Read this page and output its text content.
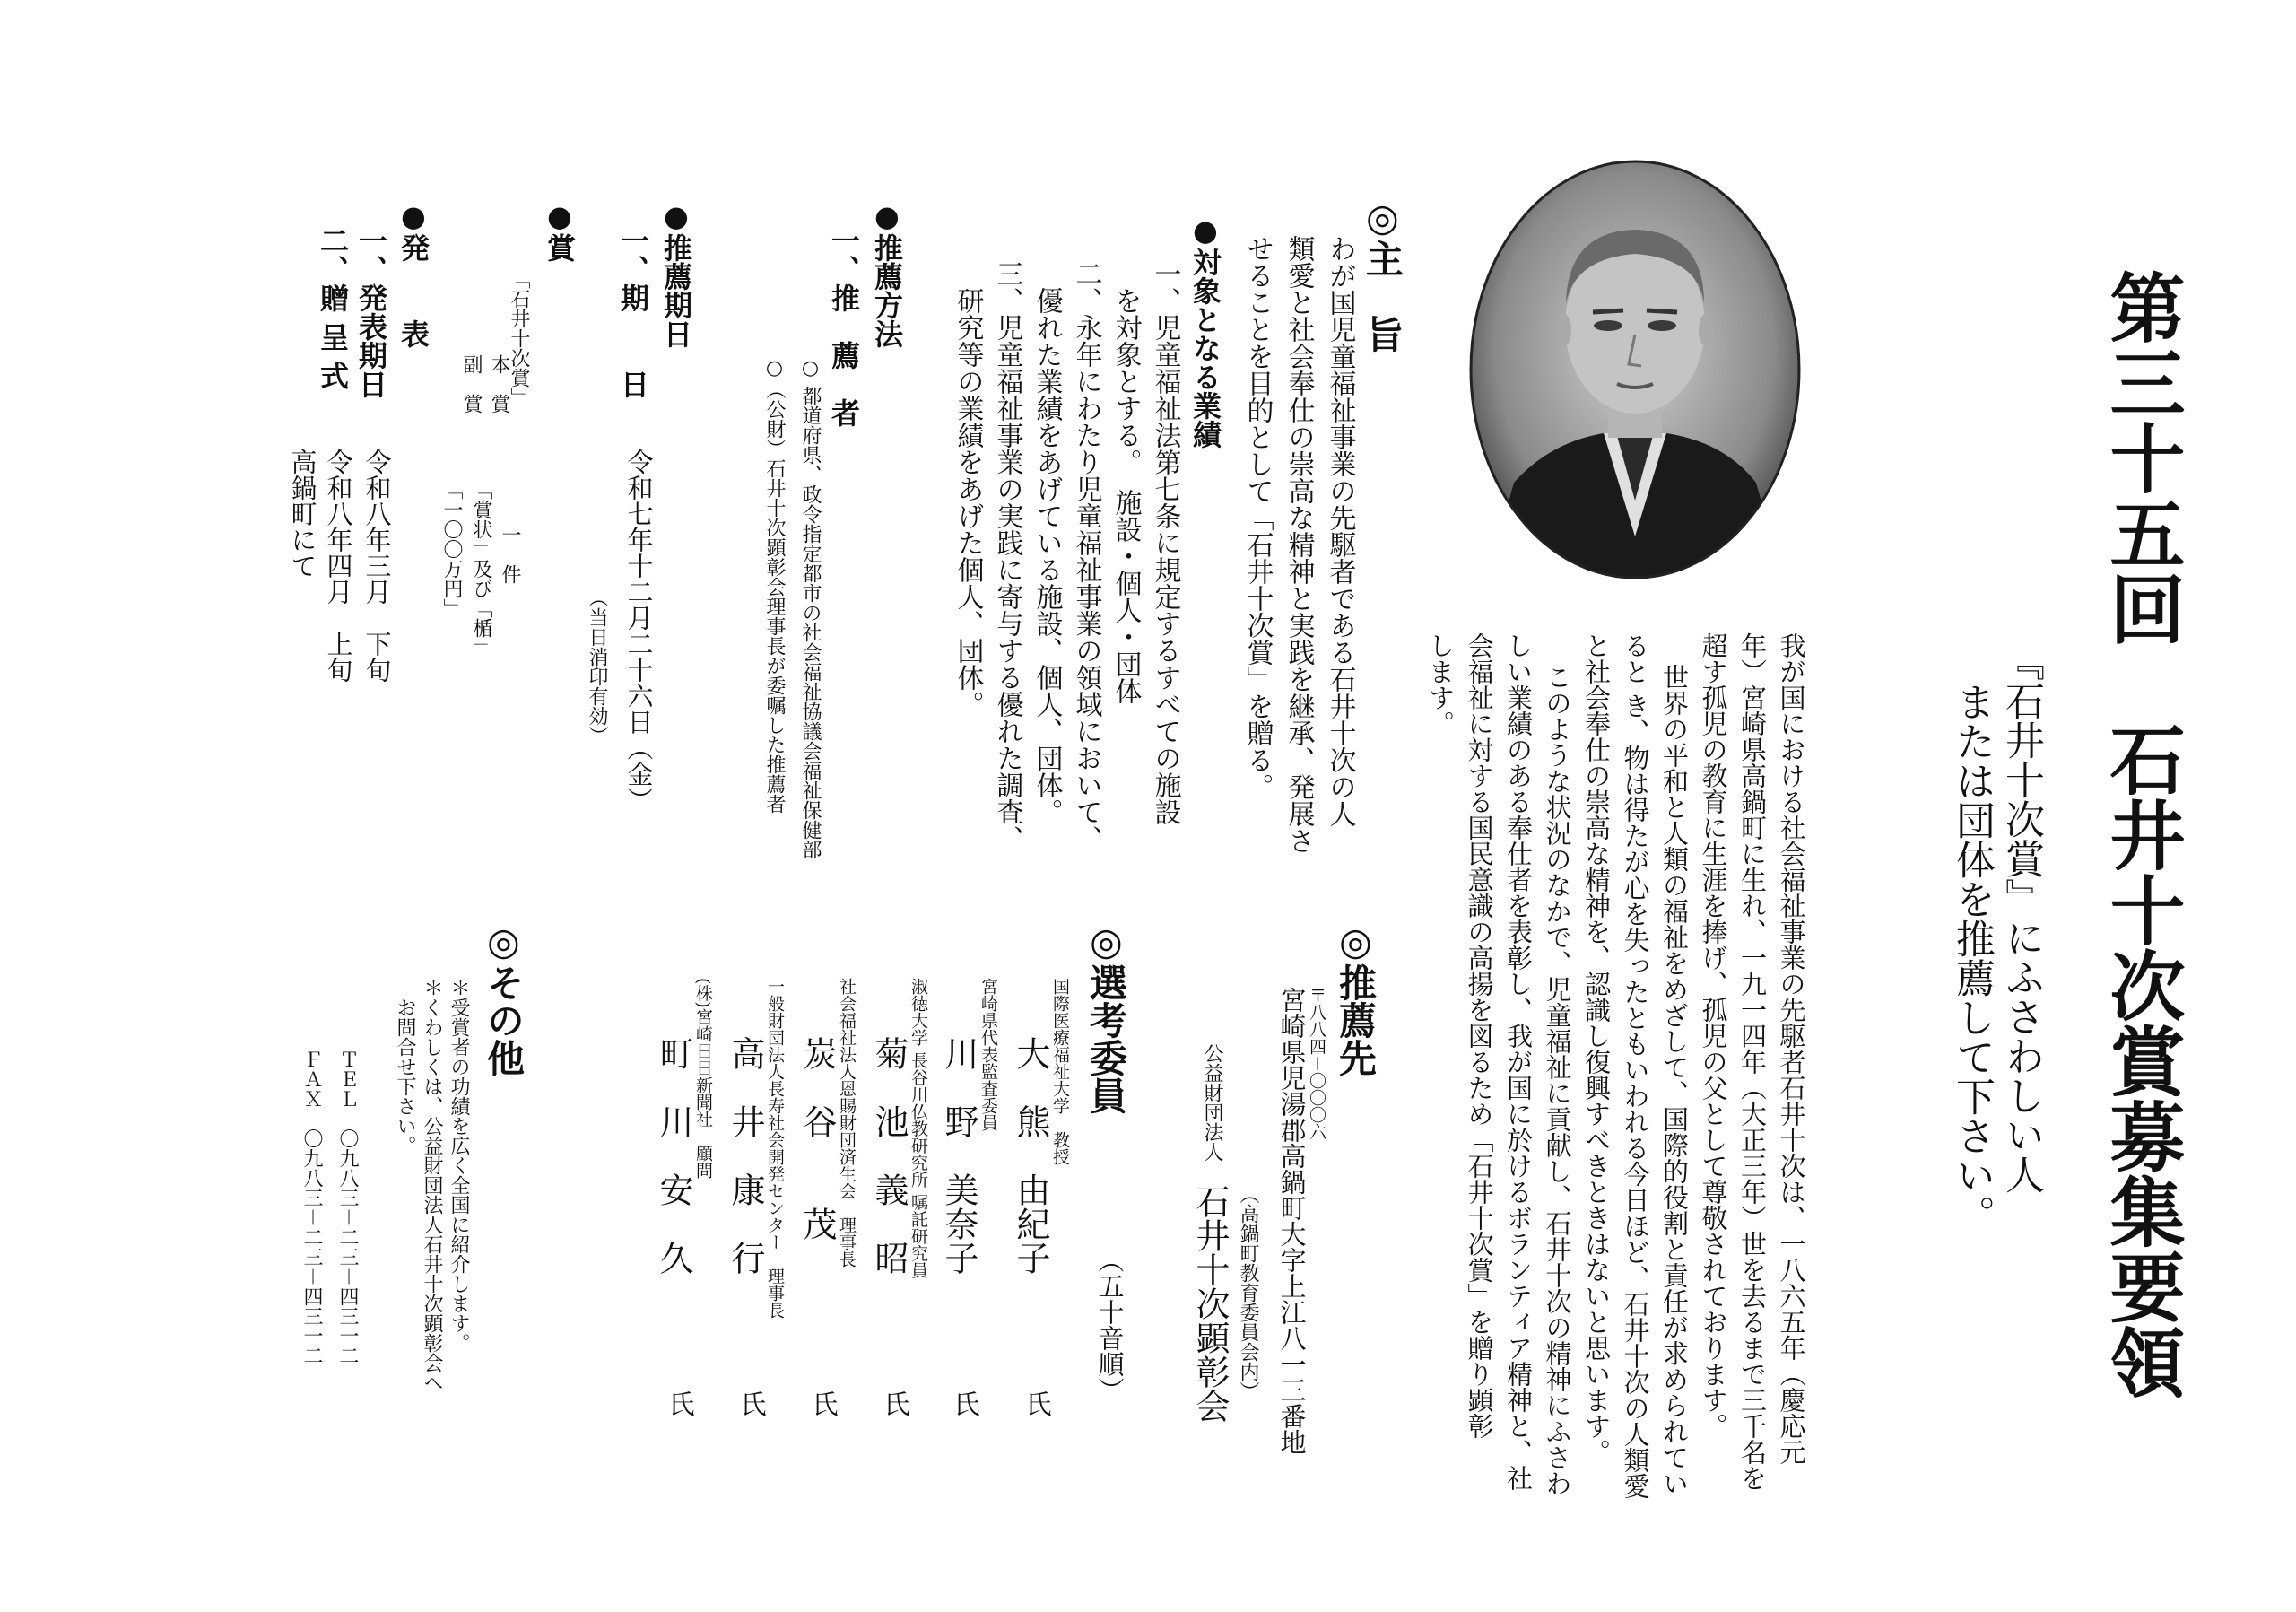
第三十五回　石井十次賞募集要領
『石井十次賞』にふさわしい人
または団体を推薦して下さい。
我が国における社会福祉事業の先駆者石井十次は、一八六五年（慶応元
年）宮崎県高鍋町に生れ、一九一四年（大正三年）世を去るまで三千名を
超す孤児の教育に生涯を捧げ、孤児の父として尊敬されております。
世界の平和と人類の福祉をめざして、国際的役割と責任が求められてい
ると き、物は得たが心を失ったともいわれる今日ほど、石井十次の人類愛
と社会奉仕の崇高な精神を、認識し復興すべきときはないと思います。
このような状況のなかで、児童福祉に貢献し、石井十次の精神にふさわ
しい業績のある奉仕者を表彰し、我が国に於けるボランティア精神と、社
会福祉に対する国民意識の高揚を図るため「石井十次賞」を贈り顕彰
します。
◎主　旨
わが国児童福祉事業の先駆者である石井十次の人
類愛と社会奉仕の崇高な精神と実践を継承、発展さ
せることを目的として「石井十次賞」を贈る。
●対象となる業績
一、児童福祉法第七条に規定するすべての施設
　を対象とする。　施設・個人・団体
二、永年にわたり児童福祉事業の領域において、
　優れた業績をあげている施設、個人、団体。
三、児童福祉事業の実践に寄与する優れた調査、
　研究等の業績をあげた個人、団体。
●推薦方法
一、推　薦　者
○ 都道府県、政令指定都市の社会福祉協議会福祉保健部
○（公財）石井十次顕彰会理事長が委嘱した推薦者
●推薦期日
一、期　　日
令和七年十二月二十六日（金）
（当日消印有効）
●賞
「石井十次賞」
本　賞
一　件
副　賞
「賞状」及び「楯」
「一〇〇万円」
●発　　表
一、発表期日
令和八年三月　下旬
二、贈 呈 式
令和八年四月　上旬
高鍋町にて
◎推薦先
〒八八四－〇〇〇六
宮崎県児湯郡高鍋町大字上江八一三番地
（高鍋町教育委員会内）
公益財団法人
石井十次顕彰会
◎選考委員
（五十音順）
国際医療福祉大学　教授
大　熊　由紀子
氏
宮崎県代表監査委員
川　野　美奈子
氏
淑徳大学 長谷川仏教研究所 嘱託研究員
菊　池　義　昭
氏
社会福祉法人恩賜財団済生会　理事長
炭　谷　　茂
氏
一般財団法人長寿社会開発センター　理事長
高　井　康　行
氏
(株)宮崎日日新聞社　顧問
町　川　安　久
氏
◎その他
＊受賞者の功績を広く全国に紹介します。
＊くわしくは、公益財団法人石井十次顕彰会へ
　お問合せ下さい。
ＴＥＬ　〇九八三－二三－四三一二
ＦＡＸ　〇九八三－二三－四三一二
